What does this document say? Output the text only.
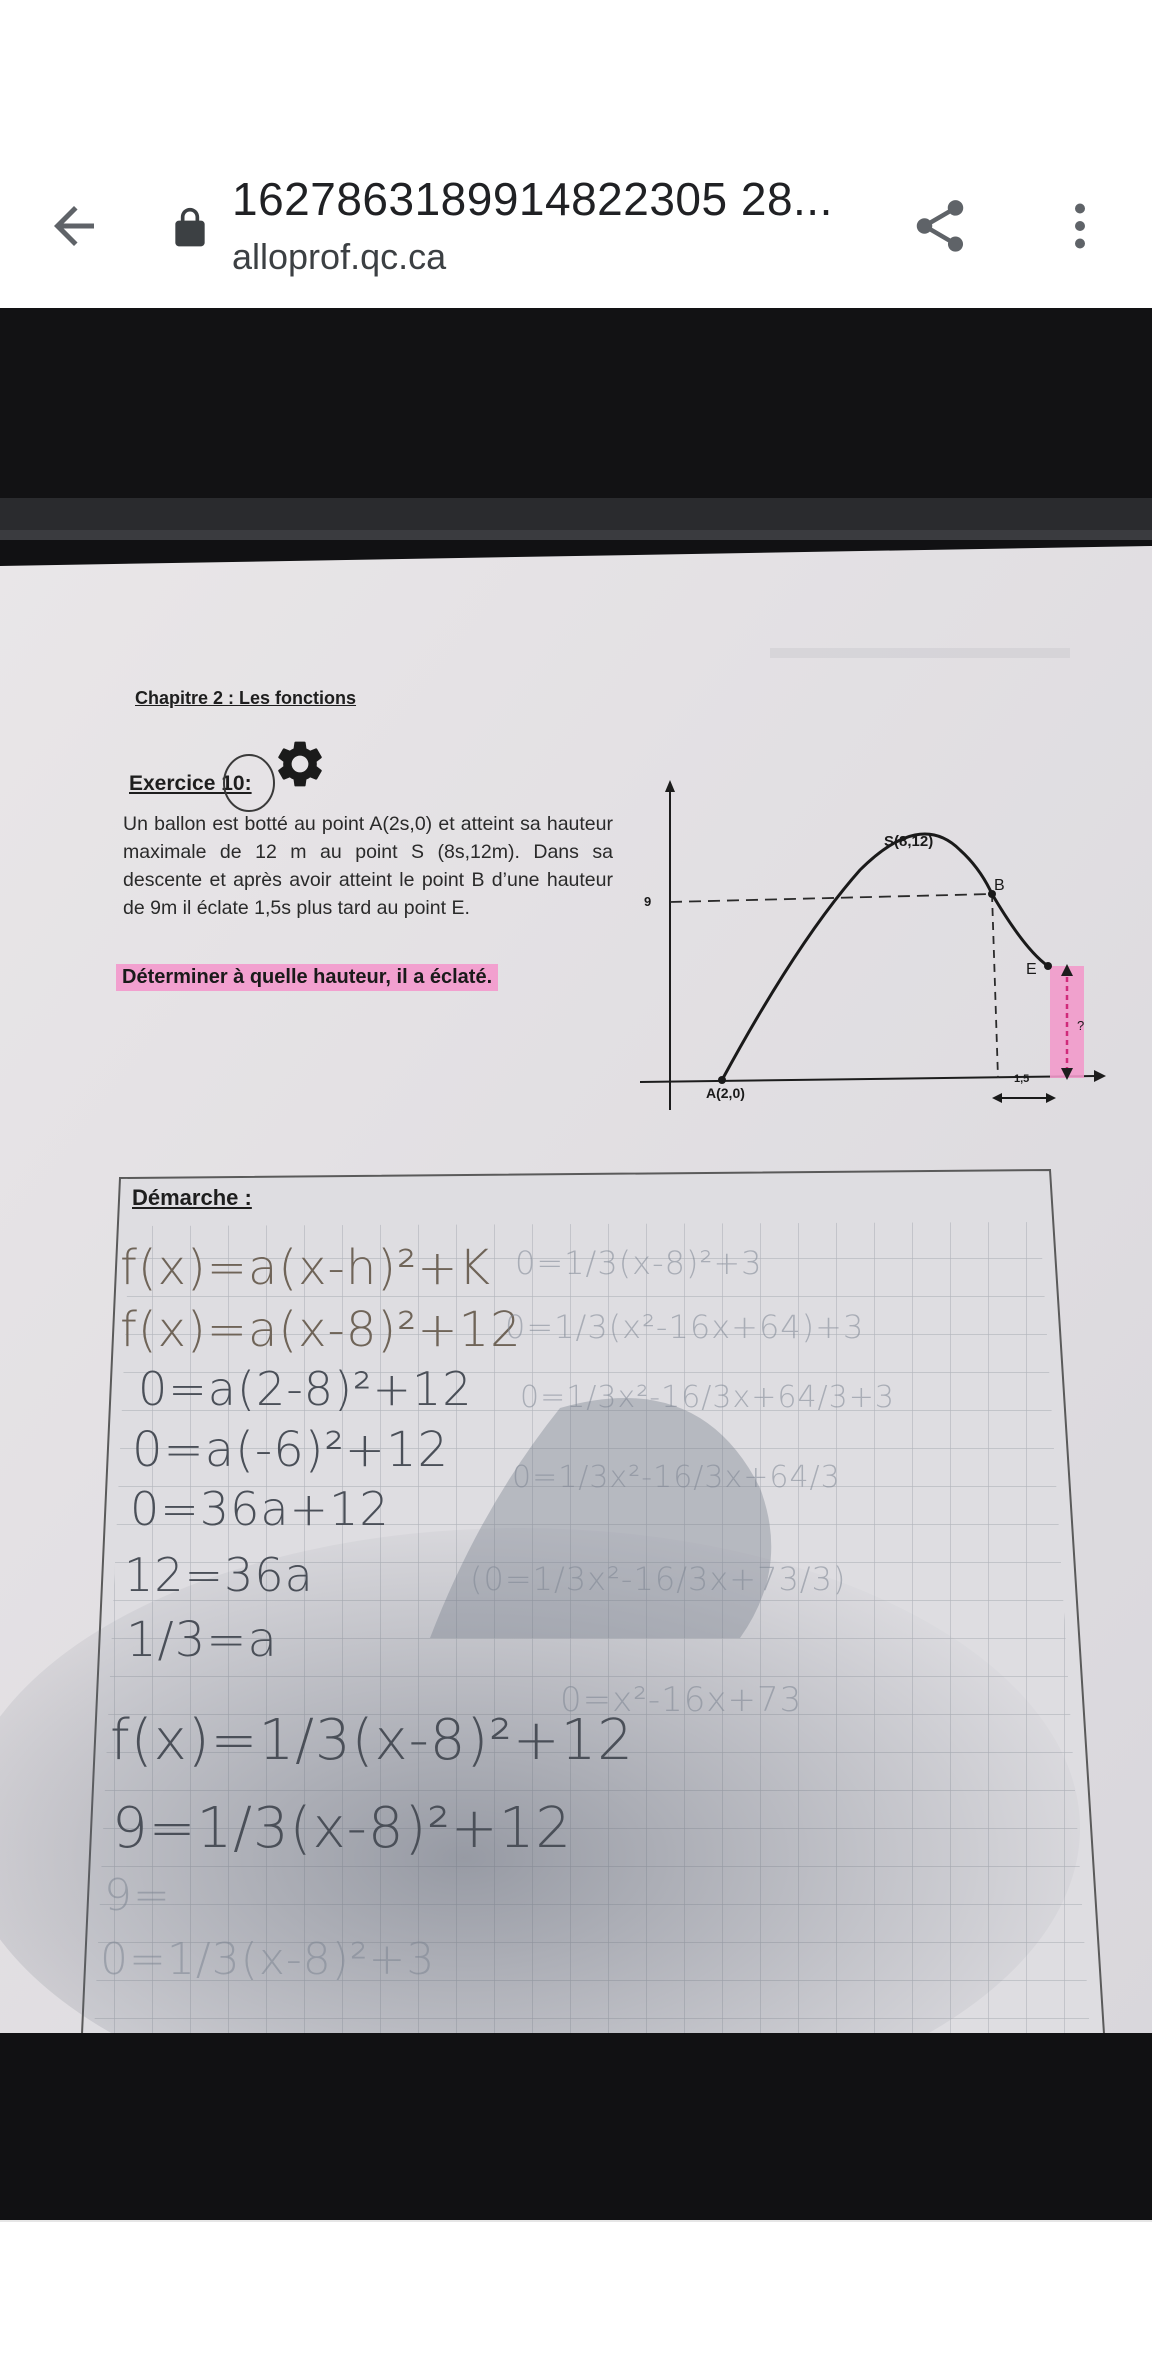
1627863189914822305 28...
alloprof.qc.ca
Chapitre 2 : Les fonctions
Exercice 10:
Un ballon est botté au point A(2s,0) et atteint sa hauteur maximale de 12 m au point S (8s,12m). Dans sa descente et après avoir atteint le point B d’une hauteur de 9m il éclate 1,5s plus tard au point E.
Déterminer à quelle hauteur, il a éclaté.
S(8,12)
B
E
9
A(2,0)
1,5
?
Démarche :
f(x)=a(x-h)²+K
f(x)=a(x-8)²+12
0=a(2-8)²+12
0=a(-6)²+12
0=36a+12
12=36a
1/3=a
f(x)=1/3(x-8)²+12
9=1/3(x-8)²+12
9=
0=1/3(x-8)²+3
0=1/3(x-8)²+3
0=1/3(x²-16x+64)+3
0=1/3x²-16/3x+64/3+3
0=1/3x²-16/3x+64/3
(0=1/3x²-16/3x+73/3)
0=x²-16x+73
